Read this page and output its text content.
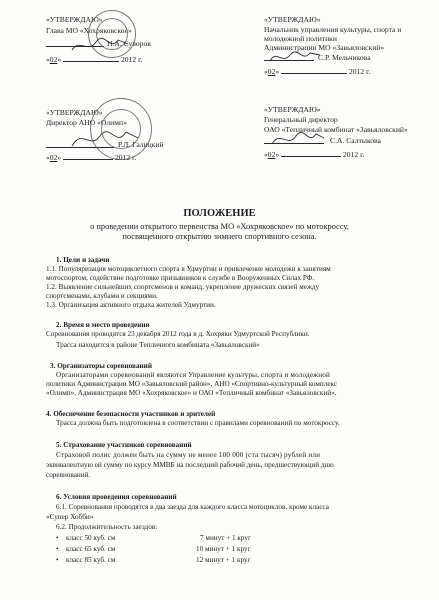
«УТВЕРЖДАЮ»
Глава МО «Хохряковское»
Н.А. Суворов
«02»	2012 г.
«УТВЕРЖДАЮ»
Начальник управления культуры, спорта и
молодежной политики
Администрации МО «Завьяловский»
С.Р. Мельчикова
«02»	2012 г.
«УТВЕРЖДАЮ»
Директор АНО «Олимп»
Р.Л. Галицкий
«02»	2012 г.
«УТВЕРЖДАЮ»
Генеральный директор
ОАО «Тепличный комбинат «Завьяловский»
С.А. Салтыкова
«02»	2012 г.
ПОЛОЖЕНИЕ
о проведении открытого первенства МО «Хохряковское» по мотокроссу,
посвященного открытию зимнего спортивного сезона.
1. Цели и задачи
1.1. Популяризация мотоциклетного спорта в Удмуртии и привлечение молодежи к занятиям
мотоспортом, содействие подготовке призывников к службе в Вооруженных Силах РФ.
1.2. Выявление сильнейших спортсменов и команд, укрепление дружеских связей между
спортсменами, клубами и секциями.
1.3. Организация активного отдыха жителей Удмуртии.
2. Время и место проведения
Соревнования проводятся 23 декабря 2012 года в д. Хохряки Удмуртской Республики.
Трасса находится в районе Тепличного комбината «Завьяловский»
3. Организаторы соревнований
Организаторами соревнований являются Управление культуры, спорта и молодежной
политики Администрации МО «Завьяловский район», АНО «Спортивно-культурный комплекс
«Олимп», Администрация МО «Хохряковское» и ОАО «Тепличный комбинат «Завьяловский».
4. Обеспечение безопасности участников и зрителей
Трасса должна быть подготовлена в соответствии с правилами соревнований по мотокроссу.
5. Страхование участников соревнований
Страховой полис должен быть на сумму не менее 100 000 (ста тысяч) рублей или
эквивалентную ей сумму по курсу ММВБ на последний рабочий день, предшествующий дню
соревнований.
6. Условия проведения соревнований
6.1. Соревнования проводятся в два заезда для каждого класса мотоциклов, кроме класса
«Супер Хобби»
6.2. Продолжительность заездов:
• класс 50 куб. см	7 минут + 1 круг
• класс 65 куб. см	10 минут + 1 круг
• класс 85 куб. см	12 минут + 1 круг
